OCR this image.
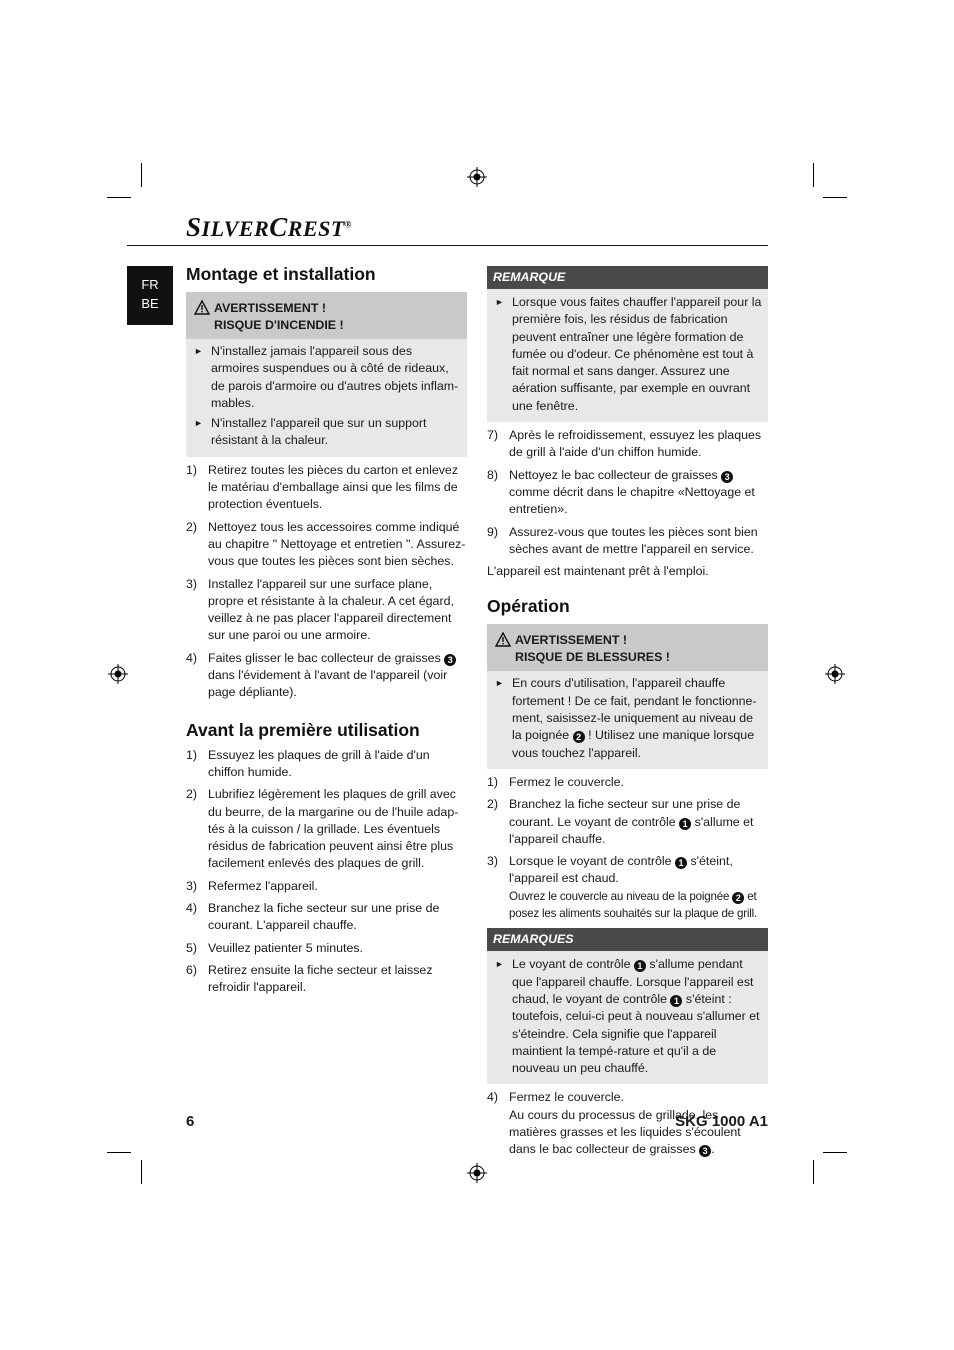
SILVERCREST®
FR
BE
Montage et installation
AVERTISSEMENT !
RISQUE D'INCENDIE !
► N'installez jamais l'appareil sous des armoires suspendues ou à côté de rideaux, de parois d'armoire ou d'autres objets inflam-mables.
► N'installez l'appareil que sur un support résistant à la chaleur.
1) Retirez toutes les pièces du carton et enlevez le matériau d'emballage ainsi que les films de protection éventuels.
2) Nettoyez tous les accessoires comme indiqué au chapitre " Nettoyage et entretien ". Assurez-vous que toutes les pièces sont bien sèches.
3) Installez l'appareil sur une surface plane, propre et résistante à la chaleur. A cet égard, veillez à ne pas placer l'appareil directement sur une paroi ou une armoire.
4) Faites glisser le bac collecteur de graisses 3 dans l'évidement à l'avant de l'appareil (voir page dépliante).
Avant la première utilisation
1) Essuyez les plaques de grill à l'aide d'un chiffon humide.
2) Lubrifiez légèrement les plaques de grill avec du beurre, de la margarine ou de l'huile adap-tés à la cuisson / la grillade. Les éventuels résidus de fabrication peuvent ainsi être plus facilement enlevés des plaques de grill.
3) Refermez l'appareil.
4) Branchez la fiche secteur sur une prise de courant. L'appareil chauffe.
5) Veuillez patienter 5 minutes.
6) Retirez ensuite la fiche secteur et laissez refroidir l'appareil.
REMARQUE
► Lorsque vous faites chauffer l'appareil pour la première fois, les résidus de fabrication peuvent entraîner une légère formation de fumée ou d'odeur. Ce phénomène est tout à fait normal et sans danger. Assurez une aération suffisante, par exemple en ouvrant une fenêtre.
7) Après le refroidissement, essuyez les plaques de grill à l'aide d'un chiffon humide.
8) Nettoyez le bac collecteur de graisses 3 comme décrit dans le chapitre «Nettoyage et entretien».
9) Assurez-vous que toutes les pièces sont bien sèches avant de mettre l'appareil en service.
L'appareil est maintenant prêt à l'emploi.
Opération
AVERTISSEMENT !
RISQUE DE BLESSURES !
► En cours d'utilisation, l'appareil chauffe fortement ! De ce fait, pendant le fonctionne-ment, saisissez-le uniquement au niveau de la poignée 2 ! Utilisez une manique lorsque vous touchez l'appareil.
1) Fermez le couvercle.
2) Branchez la fiche secteur sur une prise de courant. Le voyant de contrôle 1 s'allume et l'appareil chauffe.
3) Lorsque le voyant de contrôle 1 s'éteint, l'appareil est chaud.
Ouvrez le couvercle au niveau de la poignée 2 et posez les aliments souhaités sur la plaque de grill.
REMARQUES
► Le voyant de contrôle 1 s'allume pendant que l'appareil chauffe. Lorsque l'appareil est chaud, le voyant de contrôle 1 s'éteint : toutefois, celui-ci peut à nouveau s'allumer et s'éteindre. Cela signifie que l'appareil maintient la tempé-rature et qu'il a de nouveau un peu chauffé.
4) Fermez le couvercle.
Au cours du processus de grillade, les matières grasses et les liquides s'écoulent dans le bac collecteur de graisses 3 .
6	SKG 1000 A1
